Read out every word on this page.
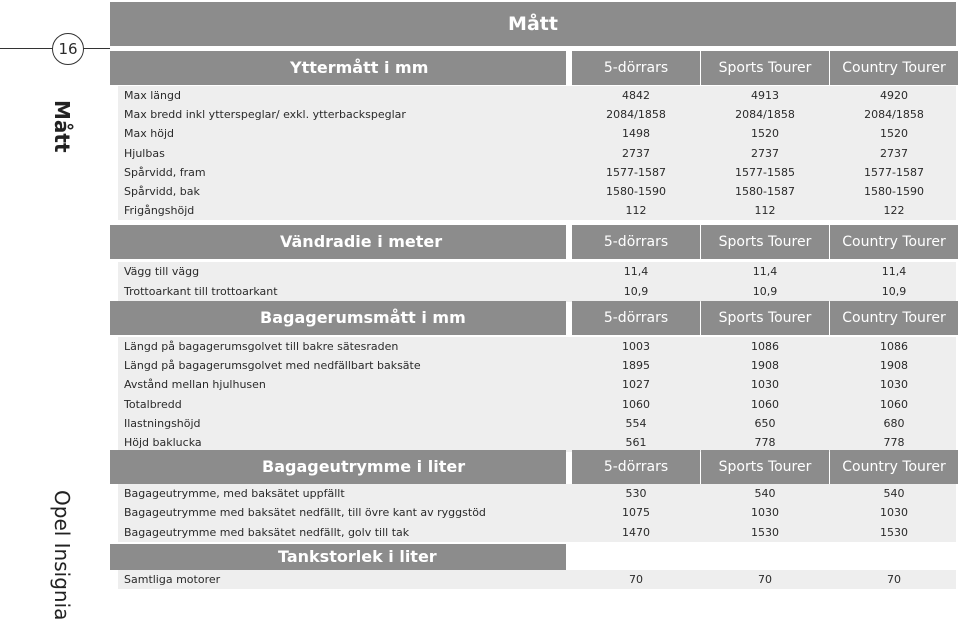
16
Mått
Opel Insignia
Mått
Yttermått i mm	5-dörrars	Sports Tourer	Country Tourer
Max längd	4842	4913	4920
Max bredd inkl ytterspeglar/ exkl. ytterbackspeglar	2084/1858	2084/1858	2084/1858
Max höjd	1498	1520	1520
Hjulbas	2737	2737	2737
Spårvidd, fram	1577-1587	1577-1585	1577-1587
Spårvidd, bak	1580-1590	1580-1587	1580-1590
Frigångshöjd	112	112	122
Vändradie i meter	5-dörrars	Sports Tourer	Country Tourer
Vägg till vägg	11,4	11,4	11,4
Trottoarkant till trottoarkant	10,9	10,9	10,9
Bagagerumsmått i mm	5-dörrars	Sports Tourer	Country Tourer
Längd på bagagerumsgolvet till bakre sätesraden	1003	1086	1086
Längd på bagagerumsgolvet med nedfällbart baksäte	1895	1908	1908
Avstånd mellan hjulhusen	1027	1030	1030
Totalbredd	1060	1060	1060
Ilastningshöjd	554	650	680
Höjd baklucka	561	778	778
Bagageutrymme i liter	5-dörrars	Sports Tourer	Country Tourer
Bagageutrymme, med baksätet uppfällt	530	540	540
Bagageutrymme med baksätet nedfällt, till övre kant av ryggstöd	1075	1030	1030
Bagageutrymme med baksätet nedfällt, golv till tak	1470	1530	1530
Tankstorlek i liter
Samtliga motorer	70	70	70
